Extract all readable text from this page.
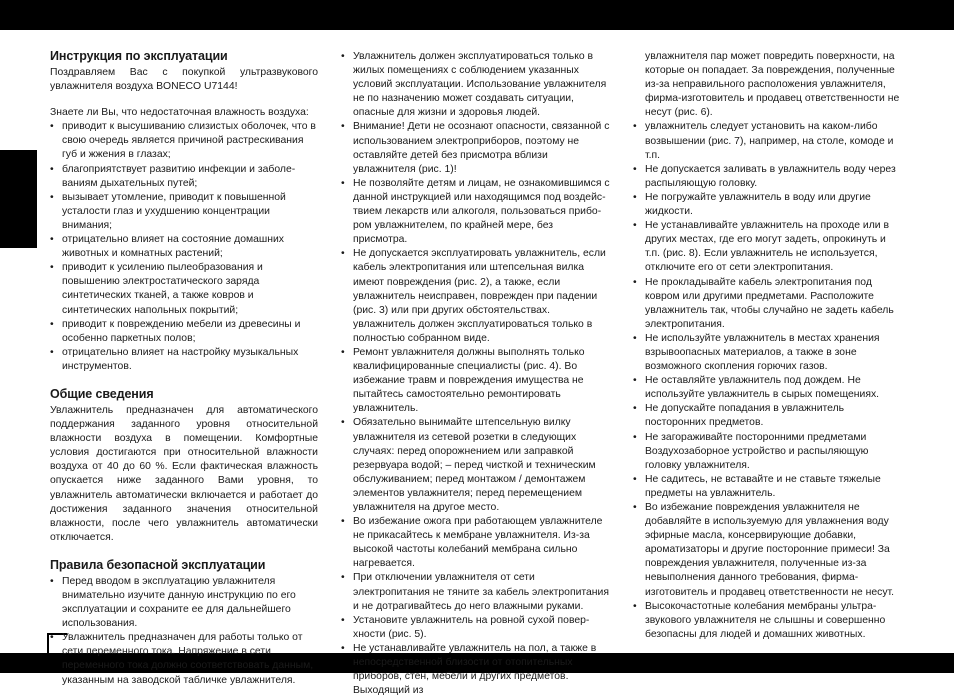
Инструкция по эксплуатации

Поздравляем Вас с покупкой ультразвукового увлажнителя воздуха BONECO U7144!

Знаете ли Вы, что недостаточная влажность воздуха:

• приводит к высушиванию слизистых оболочек, что в свою очередь является причиной растрескивания губ и жжения в глазах;
• благоприятствует развитию инфекции и заболеваниям дыхательных путей;
• вызывает утомление, приводит к повышенной усталости глаз и ухудшению концентрации внимания;
• отрицательно влияет на состояние домашних животных и комнатных растений;
• приводит к усилению пылеобразования и повышению электростатического заряда синтетических тканей, а также ковров и синтетических напольных покрытий;
• приводит к повреждению мебели из древесины и особенно паркетных полов;
• отрицательно влияет на настройку музыкальных инструментов.
Общие сведения

Увлажнитель предназначен для автоматического поддержания заданного уровня относительной влажности воздуха в помещении. Комфортные условия достигаются при относительной влажности воздуха от 40 до 60 %. Если фактическая влажность опускается ниже заданного Вами уровня, то увлажнитель автоматически включается и работает до достижения заданного значения относительной влажности, после чего увлажнитель автоматически отключается.

Правила безопасной эксплуатации
• Перед вводом в эксплуатацию увлажнителя внимательно изучите данную инструкцию по его эксплуатации и сохраните ее для дальнейшего использования.
• Увлажнитель предназначен для работы только от сети переменного тока. Напряжение в сети переменного тока должно соответствовать данным, указанным на заводской табличке увлажнителя.
• Увлажнитель должен эксплуатироваться только в жилых помещениях с соблюдением указанных условий эксплуатации. Использование увлажнителя не по назначению может создавать ситуации, опасные для жизни и здоровья людей.
• Внимание! Дети не осознают опасности, связанной с использованием электроприборов, поэтому не оставляйте детей без присмотра вблизи увлажнителя (рис. 1)!
• Не позволяйте детям и лицам, не ознакомившимся с данной инструкцией или находящимся под воздействием лекарств или алкоголя, пользоваться прибором увлажнителем, по крайней мере, без присмотра.
• Не допускается эксплуатировать увлажнитель, если кабель электропитания или штепсельная вилка имеют повреждения (рис. 2), а также, если увлажнитель неисправен, поврежден при падении (рис. 3) или при других обстоятельствах. увлажнитель должен эксплуатироваться только в полностью собранном виде.
• Ремонт увлажнителя должны выполнять только квалифицированные специалисты (рис. 4). Во избежание травм и повреждения имущества не пытайтесь самостоятельно ремонтировать увлажнитель.
• Обязательно вынимайте штепсельную вилку увлажнителя из сетевой розетки в следующих случаях: перед опорожнением или заправкой резервуара водой; – перед чисткой и техническим обслуживанием; перед монтажом / демонтажем элементов увлажнителя; перед перемещением увлажнителя на другое место.
• Во избежание ожога при работающем увлажнителе не прикасайтесь к мембране увлажнителя. Из-за высокой частоты колебаний мембрана сильно нагревается.
• При отключении увлажнителя от сети электропитания не тяните за кабель электропитания и не дотрагивайтесь до него влажными руками.
• Установите увлажнитель на ровной сухой поверхности (рис. 5).
• Не устанавливайте увлажнитель на пол, а также в непосредственной близости от отопительных приборов, стен, мебели и других предметов. Выходящий из
увлажнителя пар может повредить поверхности, на которые он попадает. За повреждения, полученные из-за неправильного расположения увлажнителя, фирма-изготовитель и продавец ответственности не несут (рис. 6).
• увлажнитель следует установить на каком-либо возвышении (рис. 7), например, на столе, комоде и т.п.
• Не допускается заливать в увлажнитель воду через распыляющую головку.
• Не погружайте увлажнитель в воду или другие жидкости.
• Не устанавливайте увлажнитель на проходе или в других местах, где его могут задеть, опрокинуть и т.п. (рис. 8). Если увлажнитель не используется, отключите его от сети электропитания.
• Не прокладывайте кабель электропитания под ковром или другими предметами. Расположите увлажнитель так, чтобы случайно не задеть кабель электропитания.
• Не используйте увлажнитель в местах хранения взрывоопасных материалов, а также в зоне возможного скопления горючих газов.
• Не оставляйте увлажнитель под дождем. Не используйте увлажнитель в сырых помещениях.
• Не допускайте попадания в увлажнитель посторонних предметов.
• Не загораживайте посторонними предметами Воздухозаборное устройство и распыляющую головку увлажнителя.
• Не садитесь, не вставайте и не ставьте тяжелые предметы на увлажнитель.
• Во избежание повреждения увлажнителя не добавляйте в используемую для увлажнения воду эфирные масла, консервирующие добавки, ароматизаторы и другие посторонние примеси! За повреждения увлажнителя, полученные из-за невыполнения данного требования, фирма-изготовитель и продавец ответственности не несут.
• Высокочастотные колебания мембраны ультразвукового увлажнителя не слышны и совершенно безопасны для людей и домашних животных.
